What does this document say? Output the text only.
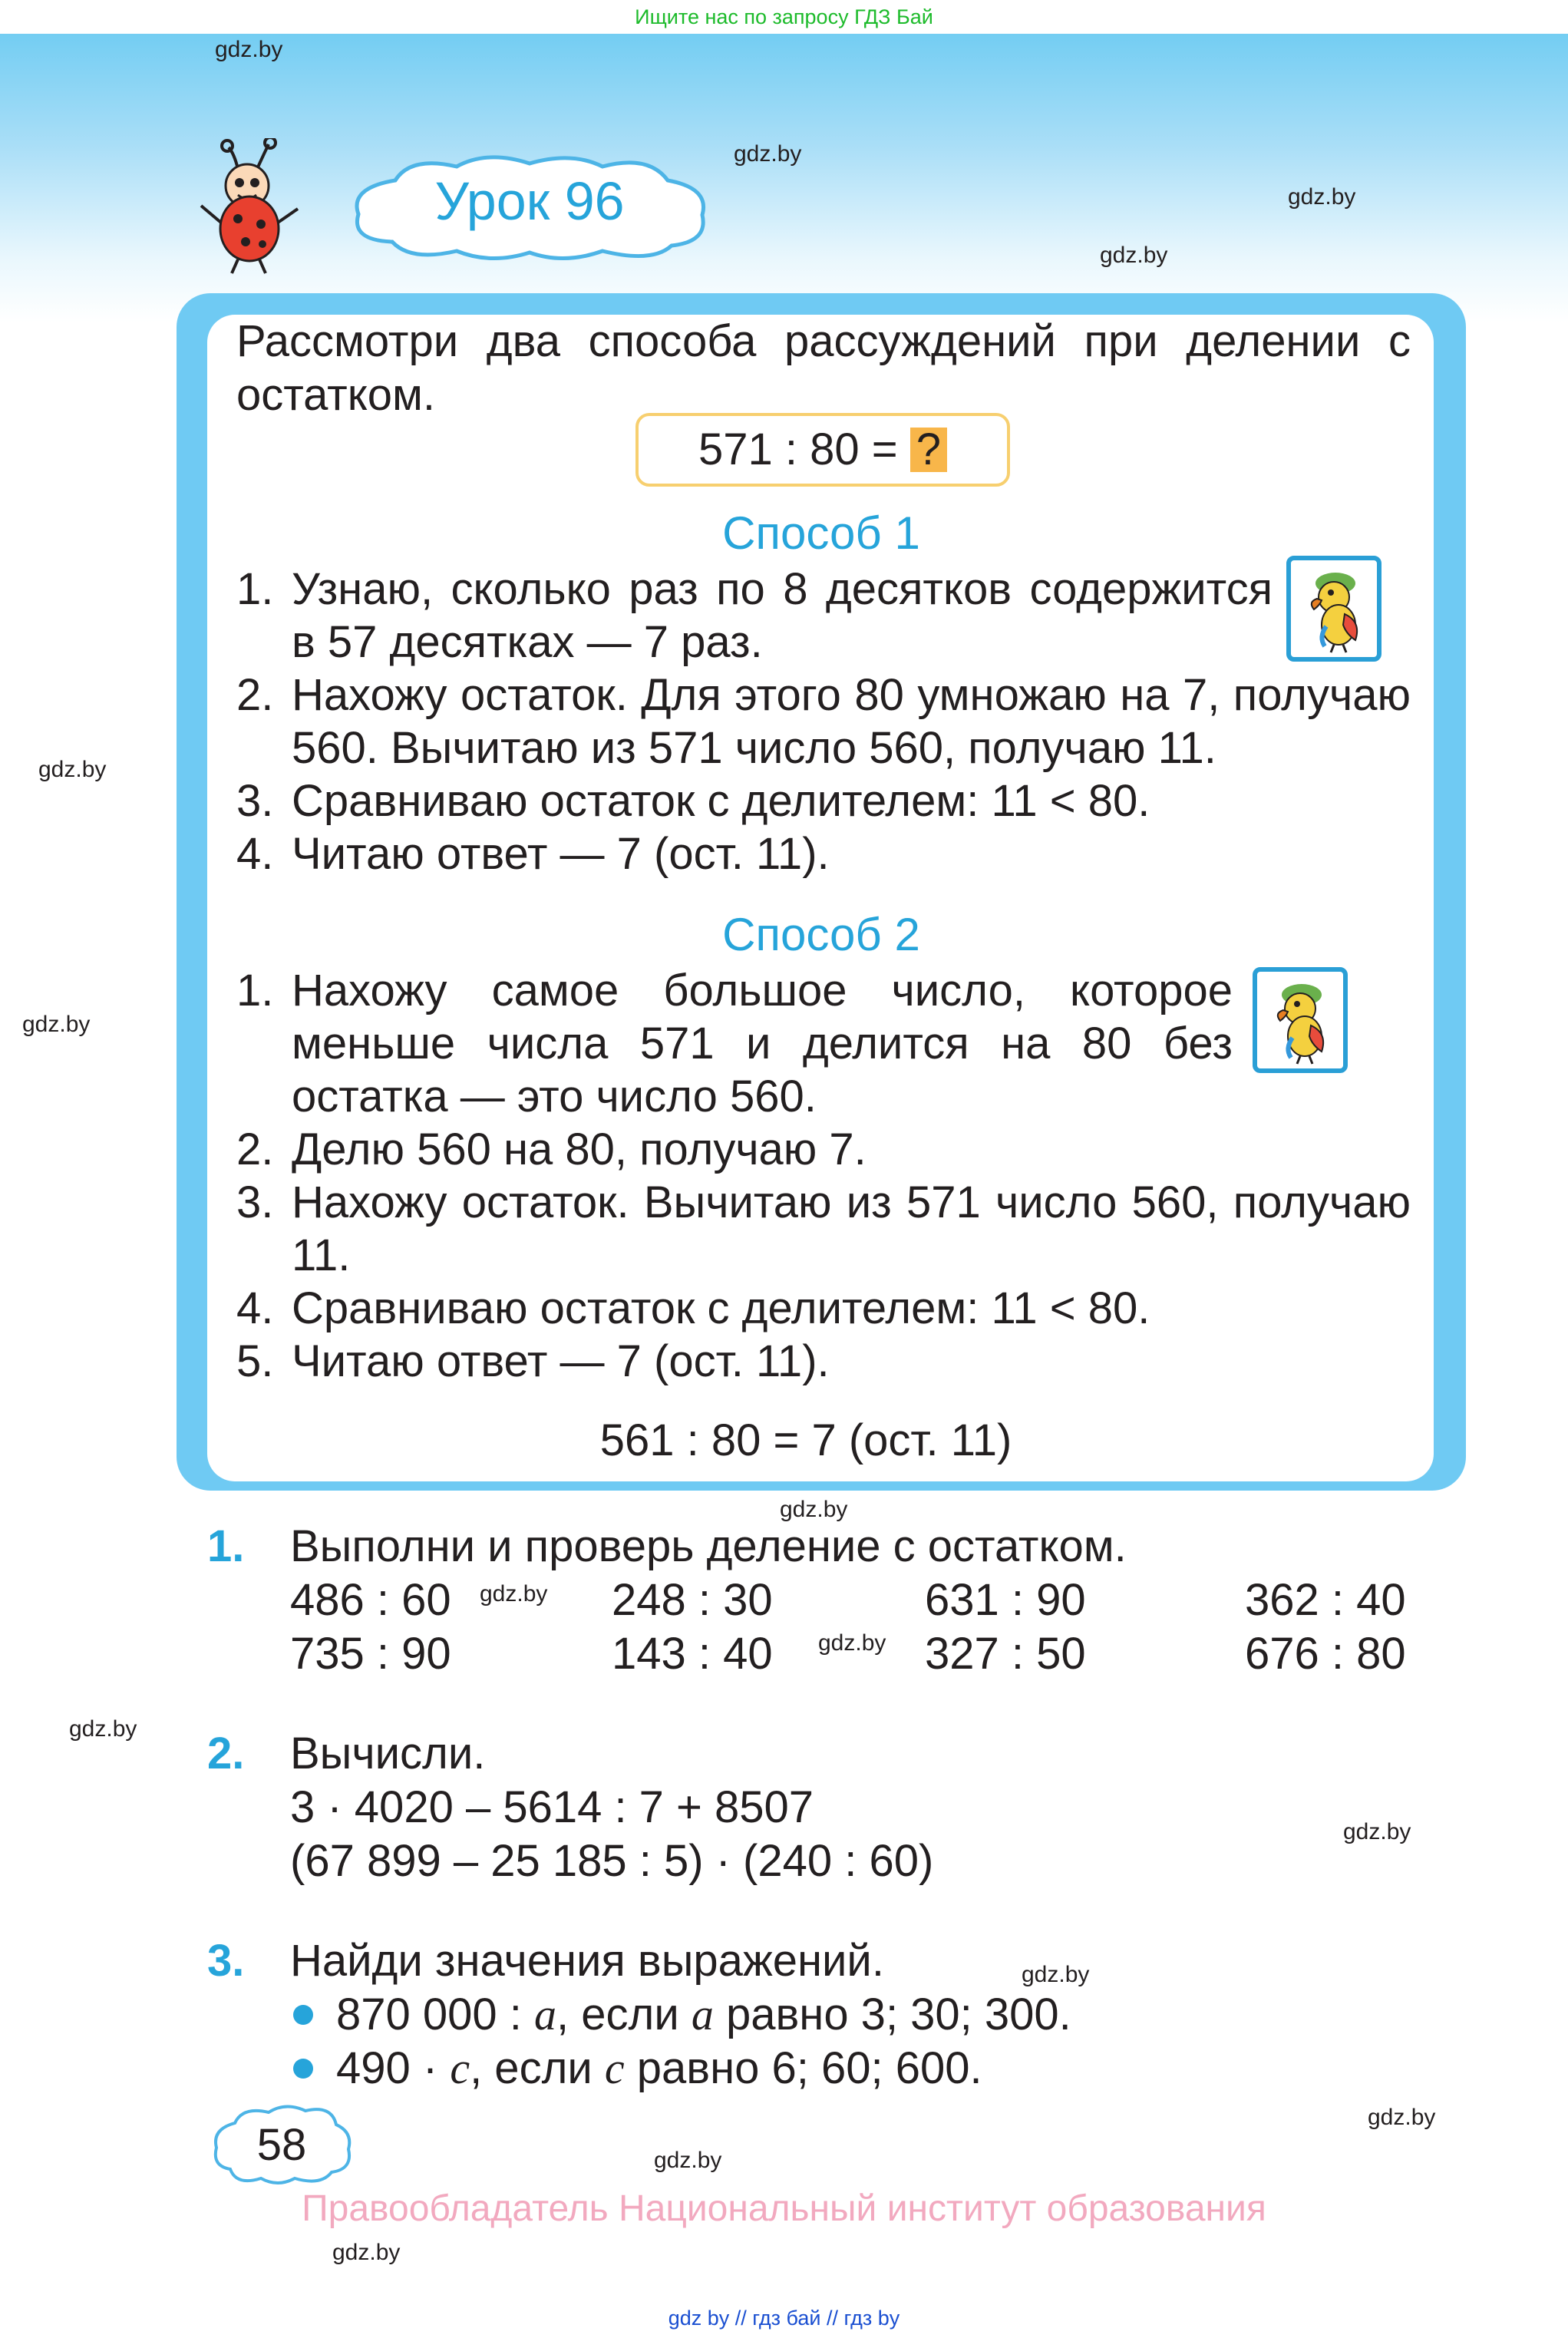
Ищите нас по запросу ГДЗ Бай
gdz.by
gdz.by
gdz.by
gdz.by
gdz.by
gdz.by
gdz.by
gdz.by
gdz.by
gdz.by
gdz.by
gdz.by
gdz.by
gdz.by
gdz.by
Урок 96
Рассмотри два способа рассуждений при делении с остатком.
571 : 80 = ?
Способ 1
1. Узнаю, сколько раз по 8 десятков содержится в 57 десятках — 7 раз.
2. Нахожу остаток. Для этого 80 умножаю на 7, получаю 560. Вычитаю из 571 число 560, получаю 11.
3. Сравниваю остаток с делителем: 11 < 80.
4. Читаю ответ — 7 (ост. 11).
Способ 2
1. Нахожу самое большое число, которое меньше числа 571 и делится на 80 без остатка — это число 560.
2. Делю 560 на 80, получаю 7.
3. Нахожу остаток. Вычитаю из 571 число 560, получаю 11.
4. Сравниваю остаток с делителем: 11 < 80.
5. Читаю ответ — 7 (ост. 11).
561 : 80 = 7 (ост. 11)
1. Выполни и проверь деление с остатком.
486 : 60	248 : 30	631 : 90	362 : 40
735 : 90	143 : 40	327 : 50	676 : 80
2. Вычисли.
3 · 4020 – 5614 : 7 + 8507
(67 899 – 25 185 : 5) · (240 : 60)
3. Найди значения выражений.
870 000 : a, если a равно 3; 30; 300.
490 · c, если c равно 6; 60; 600.
58
Правообладатель Национальный институт образования
gdz by // гдз бай // гдз by
